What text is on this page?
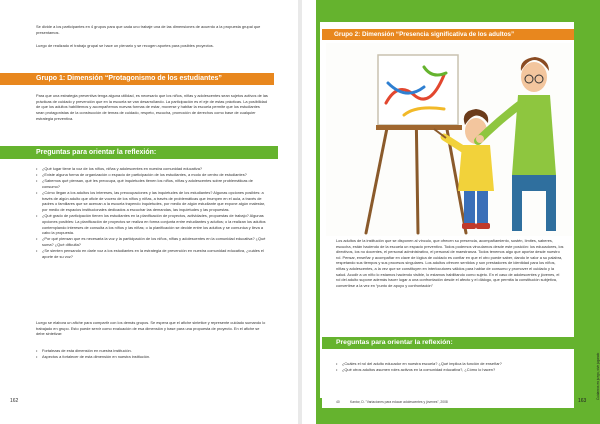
Se divide a los participantes en 4 grupos para que cada uno trabaje una de las dimensiones de acuerdo a la propuesta grupal que presentamos.

Luego de realizado el trabajo grupal se hace un plenario y se recogen aportes para posibles proyectos.

Grupo 1: Dimensión “Protagonismo de los estudiantes”

Para que una estrategia preventiva tenga alguna utilidad, es necesario que los niños, niñas y adolescentes sean sujetos activos de las prácticas de cuidado y prevención que en la escuela se van desarrollando. La participación es el eje de estas prácticas. La posibilidad de que los adultos habilitemos y acompañemos nuevas formas de estar, moverse y habitar la escuela permite que los estudiantes sean protagonistas de la construcción de temas de cuidado, respeto, escucha, promoción de derechos como base de cualquier estrategia preventiva.

Preguntas para orientar la reflexión:
• ¿Qué lugar tiene la voz de los niños, niñas y adolescentes en nuestra comunidad educativa?
• ¿Existe alguna forma de organización o espacio de participación de los estudiantes, a modo de centro de estudiantes?
• ¿Sabemos qué piensan, qué les preocupa, qué inquietudes tienen los niños, niñas y adolescentes sobre problemáticas de consumo?
• ¿Cómo llegan a los adultos los intereses, las preocupaciones y las inquietudes de los estudiantes? Algunas opciones posibles: a través de algún adulto que oficie de vocero de los niños y niñas, a través de problemáticas que irrumpen en el aula, a través de padres o familiares que se acercan a la escuela trayendo inquietudes, por medio de algún estudiante que expone algún malestar, por medio de espacios institucionales dedicados a escuchar las demandas, las inquietudes y las propuestas.
• ¿Qué grado de participación tienen los estudiantes en la planificación de proyectos, actividades, propuestas de trabajo? Algunas opciones posibles: La planificación de proyectos se realiza en forma conjunta entre estudiantes y adultos; o la realizan los adultos contemplando intereses de consulta a los niños y las niñas; o la planificación se decide entre los adultos y se comunica y lleva a cabo la propuesta.
• ¿Por qué piensan que es necesaria la voz y la participación de los niños, niñas y adolescentes en la comunidad educativa? ¿Qué suma? ¿Qué dificulta?
• ¿Se sienten pensando en darle voz a los estudiantes en la estrategia de prevención en nuestra comunidad educativa, ¿cuáles el aporte de su voz?

Luego se elabora un afiche para compartir con los demás grupos. Se espera que el afiche sintetice y represente cuidado sumando lo trabajado en grupo. Esto puede servir como evaluación de esa dimensión y base para una propuesta de proyecto. En el afiche se debe sintetizar:

• Fortalezas de esta dimensión en nuestra institución.
• Aspectos a fortalecer de esta dimensión en nuestra institución.
162
Grupo 2: Dimensión “Presencia significativa de los adultos”

Los adultos de la institución que se disponen al vínculo, que ofrecen su presencia, acompañamiento, sostén, límites, saberes, escucha, están haciendo de la escuela un espacio preventivo. Todos podemos vincularnos desde este posición: los educadores, los directivos, los no docentes, el personal administrativo, el personal de maestranza. Todos tenemos algo que aportar desde nuestro rol. Pensar, enseñar y acompañar en clave de lógica de cuidado es confiar en que el otro puede saber, dando le valor a su palabra, respetando sus tiempos y sus procesos singulares. Los adultos ofrecen sentidos y son prestadores de identidad para los niños, niñas y adolescentes, a la vez que se constituyen en interlocutores válidos para hablar de consumo y promover el cuidado y la salud. Acudir a un niño lo estamos haciendo visible, lo estamos habilitando como sujeto. En el caso de adolescentes y jóvenes, el rol del adulto supone además hacer lugar a una confrontación desde el afecto y el diálogo, que permita la constitución subjetiva, convertirse a la vez en “punto de apoyo y confrontación”

Preguntas para orientar la reflexión:
• ¿Cuáles el rol del adulto educador en nuestra escuela? ¿Qué implica la función de enseñar?
• ¿Qué otros adultos asumen roles activos en la comunidad educativa?, ¿Cómo lo hacen?
40	Kantor, D. "Variaciones para educar adolescentes y jóvenes", 2008	163
Cuidarnos en juego, vivir jugando
